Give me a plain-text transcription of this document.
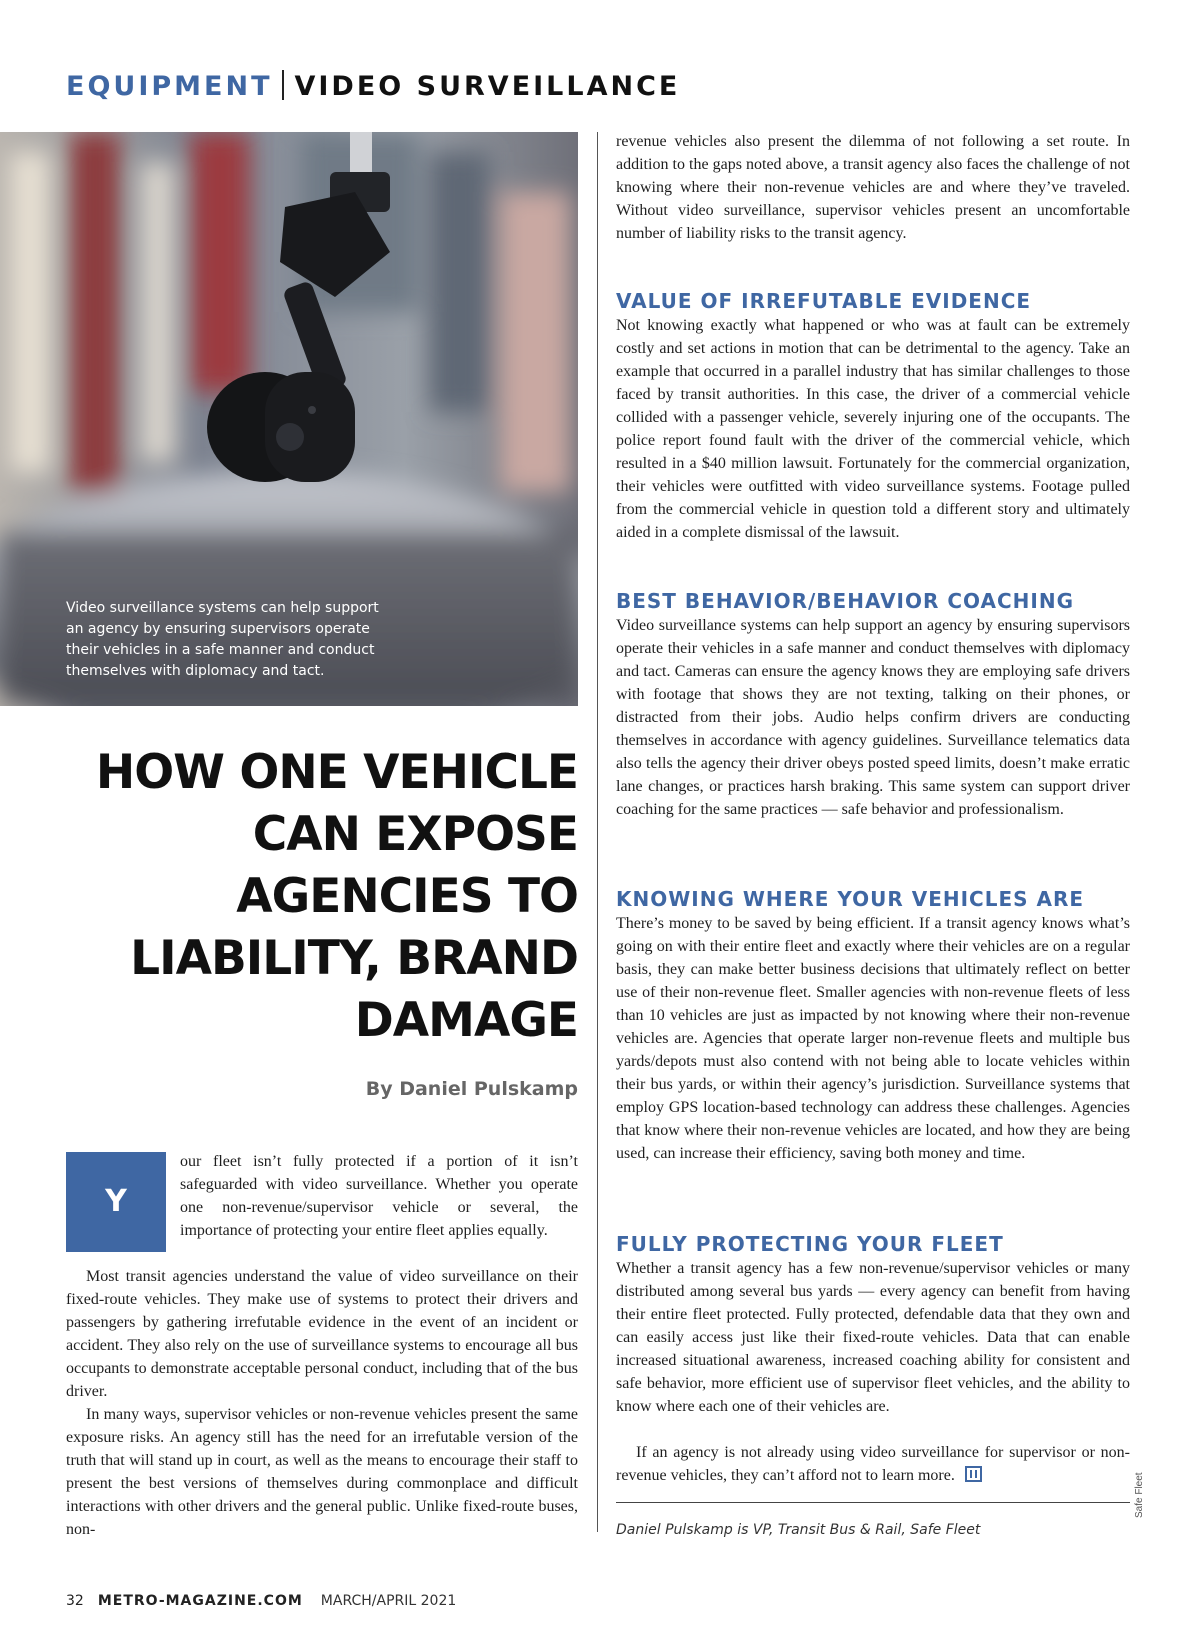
EQUIPMENT VIDEO SURVEILLANCE
Video surveillance systems can help support an agency by ensuring supervisors operate their vehicles in a safe manner and conduct themselves with diplomacy and tact.
HOW ONE VEHICLE
CAN EXPOSE
AGENCIES TO
LIABILITY, BRAND
DAMAGE
By Daniel Pulskamp
Y

our fleet isn’t fully protected if a portion of it isn’t safeguarded with video surveillance. Whether you operate one non-revenue/supervisor vehicle or several, the importance of protecting your entire fleet applies equally.

Most transit agencies understand the value of video surveillance on their fixed-route vehicles. They make use of systems to protect their drivers and passengers by gathering irrefutable evidence in the event of an incident or accident. They also rely on the use of surveillance systems to encourage all bus occupants to demonstrate acceptable personal conduct, including that of the bus driver.

In many ways, supervisor vehicles or non-revenue vehicles present the same exposure risks. An agency still has the need for an irrefutable version of the truth that will stand up in court, as well as the means to encourage their staff to present the best versions of themselves during commonplace and difficult interactions with other drivers and the general public. Unlike fixed-route buses, non-

revenue vehicles also present the dilemma of not following a set route. In addition to the gaps noted above, a transit agency also faces the challenge of not knowing where their non-revenue vehicles are and where they’ve traveled. Without video surveillance, supervisor vehicles present an uncomfortable number of liability risks to the transit agency.

VALUE OF IRREFUTABLE EVIDENCE

Not knowing exactly what happened or who was at fault can be extremely costly and set actions in motion that can be detrimental to the agency. Take an example that occurred in a parallel industry that has similar challenges to those faced by transit authorities. In this case, the driver of a commercial vehicle collided with a passenger vehicle, severely injuring one of the occupants. The police report found fault with the driver of the commercial vehicle, which resulted in a $40 million lawsuit. Fortunately for the commercial organization, their vehicles were outfitted with video surveillance systems. Footage pulled from the commercial vehicle in question told a different story and ultimately aided in a complete dismissal of the lawsuit.

BEST BEHAVIOR/BEHAVIOR COACHING

Video surveillance systems can help support an agency by ensuring supervisors operate their vehicles in a safe manner and conduct themselves with diplomacy and tact. Cameras can ensure the agency knows they are employing safe drivers with footage that shows they are not texting, talking on their phones, or distracted from their jobs. Audio helps confirm drivers are conducting themselves in accordance with agency guidelines. Surveillance telematics data also tells the agency their driver obeys posted speed limits, doesn’t make erratic lane changes, or practices harsh braking. This same system can support driver coaching for the same practices — safe behavior and professionalism.

KNOWING WHERE YOUR VEHICLES ARE

There’s money to be saved by being efficient. If a transit agency knows what’s going on with their entire fleet and exactly where their vehicles are on a regular basis, they can make better business decisions that ultimately reflect on better use of their non-revenue fleet. Smaller agencies with non-revenue fleets of less than 10 vehicles are just as impacted by not knowing where their non-revenue vehicles are. Agencies that operate larger non-revenue fleets and multiple bus yards/depots must also contend with not being able to locate vehicles within their bus yards, or within their agency’s jurisdiction. Surveillance systems that employ GPS location-based technology can address these challenges. Agencies that know where their non-revenue vehicles are located, and how they are being used, can increase their efficiency, saving both money and time.

FULLY PROTECTING YOUR FLEET

Whether a transit agency has a few non-revenue/supervisor vehicles or many distributed among several bus yards — every agency can benefit from having their entire fleet protected. Fully protected, defendable data that they own and can easily access just like their fixed-route vehicles. Data that can enable increased situational awareness, increased coaching ability for consistent and safe behavior, more efficient use of supervisor fleet vehicles, and the ability to know where each one of their vehicles are.

If an agency is not already using video surveillance for supervisor or non-revenue vehicles, they can’t afford not to learn more.

Daniel Pulskamp is VP, Transit Bus & Rail, Safe Fleet
Safe Fleet
32 METRO-MAGAZINE.COM MARCH/APRIL 2021
